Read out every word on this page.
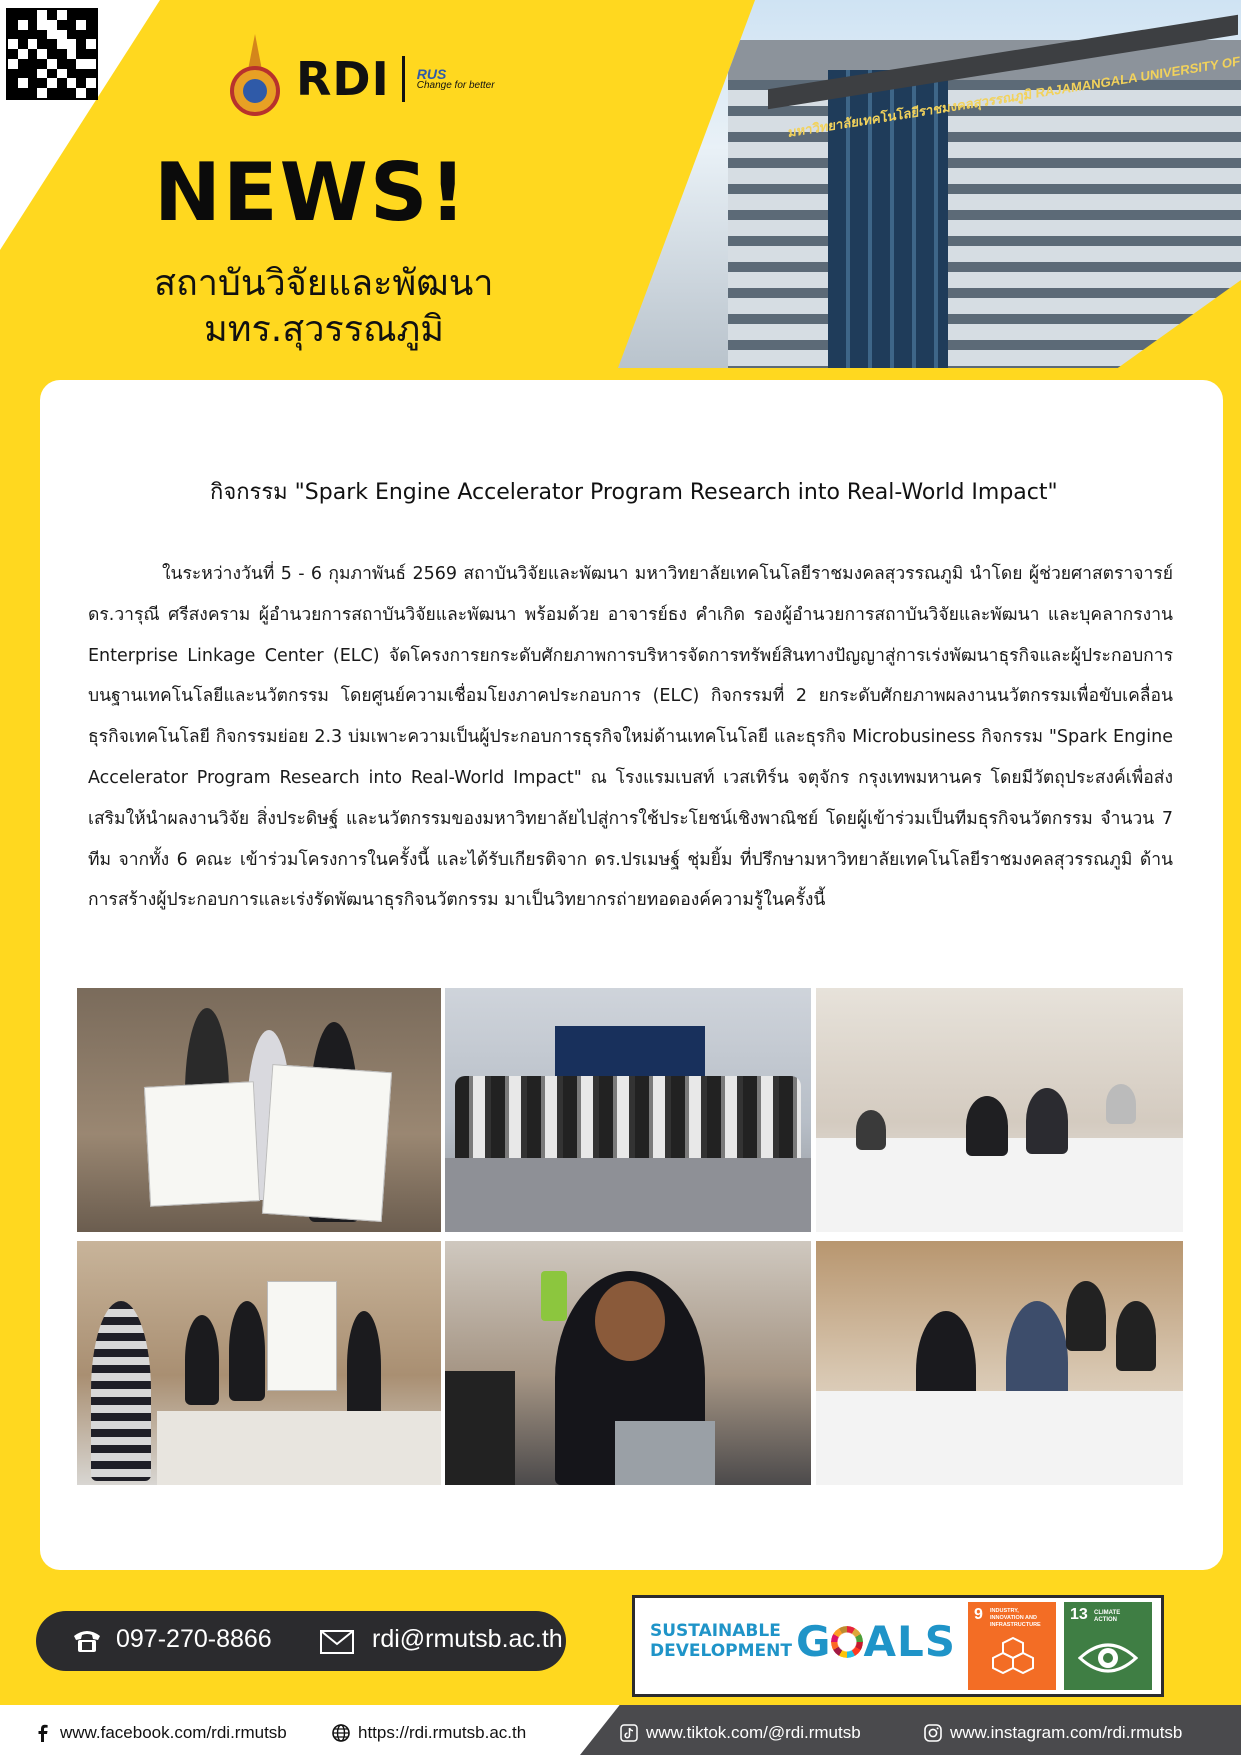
RDI RUS
Change for better
NEWS!
สถาบันวิจัยและพัฒนา
มทร.สุวรรณภูมิ
กิจกรรม "Spark Engine Accelerator Program Research into Real-World Impact"
ในระหว่างวันที่ 5 - 6 กุมภาพันธ์ 2569 สถาบันวิจัยและพัฒนา มหาวิทยาลัยเทคโนโลยีราชมงคลสุวรรณภูมิ นำโดย ผู้ช่วยศาสตราจารย์ ดร.วารุณี ศรีสงคราม ผู้อำนวยการสถาบันวิจัยและพัฒนา พร้อมด้วย อาจารย์ธง คำเกิด รองผู้อำนวยการสถาบันวิจัยและพัฒนา และบุคลากรงาน Enterprise Linkage Center (ELC) จัดโครงการยกระดับศักยภาพการบริหารจัดการทรัพย์สินทางปัญญาสู่การเร่งพัฒนาธุรกิจและผู้ประกอบการบนฐานเทคโนโลยีและนวัตกรรม โดยศูนย์ความเชื่อมโยงภาคประกอบการ (ELC) กิจกรรมที่ 2 ยกระดับศักยภาพผลงานนวัตกรรมเพื่อขับเคลื่อนธุรกิจเทคโนโลยี กิจกรรมย่อย 2.3 บ่มเพาะความเป็นผู้ประกอบการธุรกิจใหม่ด้านเทคโนโลยี และธุรกิจ Microbusiness กิจกรรม "Spark Engine Accelerator Program Research into Real-World Impact" ณ โรงแรมเบสท์ เวสเทิร์น จตุจักร กรุงเทพมหานคร โดยมีวัตถุประสงค์เพื่อส่งเสริมให้นำผลงานวิจัย สิ่งประดิษฐ์ และนวัตกรรมของมหาวิทยาลัยไปสู่การใช้ประโยชน์เชิงพาณิชย์ โดยผู้เข้าร่วมเป็นทีมธุรกิจนวัตกรรม จำนวน 7 ทีม จากทั้ง 6 คณะ เข้าร่วมโครงการในครั้งนี้ และได้รับเกียรติจาก ดร.ปรเมษฐ์ ชุ่มยิ้ม ที่ปรึกษามหาวิทยาลัยเทคโนโลยีราชมงคลสุวรรณภูมิ ด้านการสร้างผู้ประกอบการและเร่งรัดพัฒนาธุรกิจนวัตกรรม มาเป็นวิทยากรถ่ายทอดองค์ความรู้ในครั้งนี้
097-270-8866	rdi@rmutsb.ac.th	SUSTAINABLE
DEVELOPMENT G ALS
9 INDUSTRY, INNOVATION AND INFRASTRUCTURE
13 CLIMATE ACTION
www.facebook.com/rdi.rmutsb	https://rdi.rmutsb.ac.th	www.tiktok.com/@rdi.rmutsb	www.instagram.com/rdi.rmutsb
